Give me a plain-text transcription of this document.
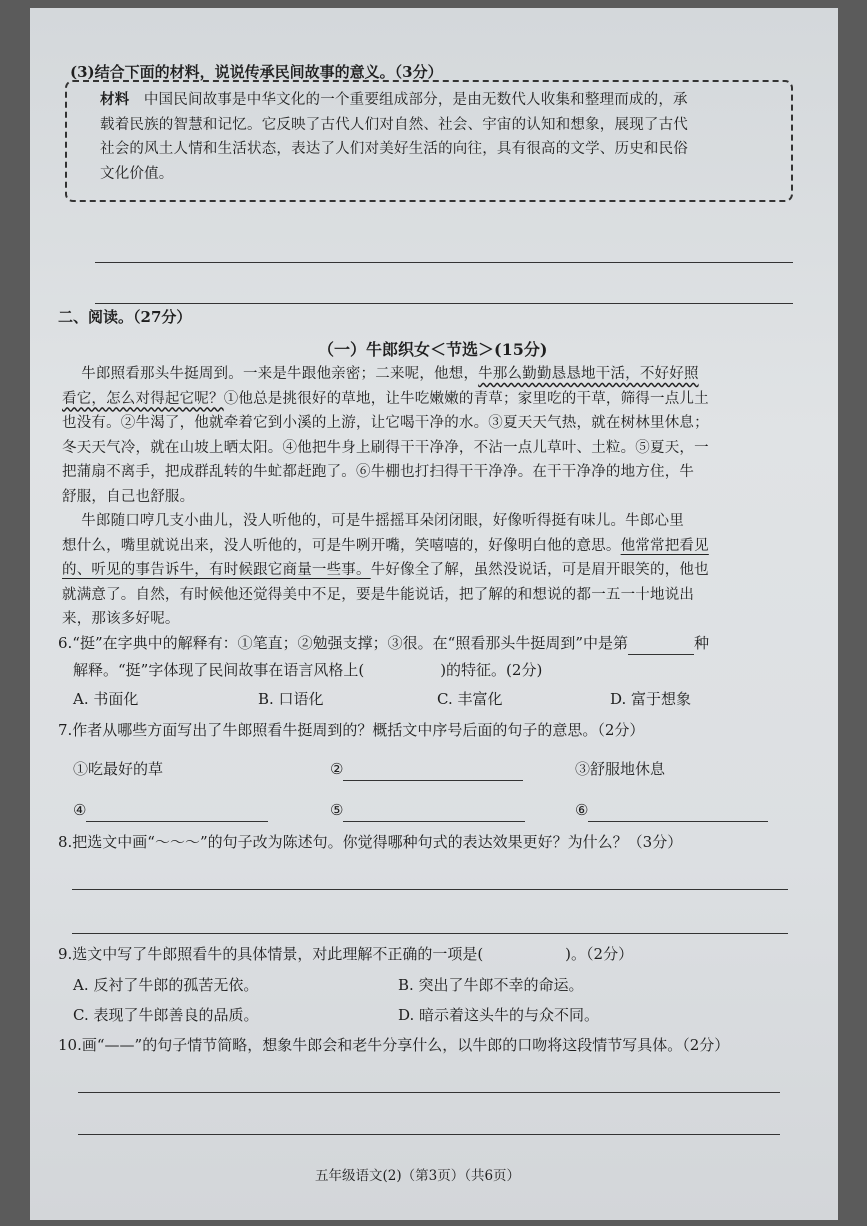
(3)结合下面的材料，说说传承民间故事的意义。（3分）

材料 中国民间故事是中华文化的一个重要组成部分，是由无数代人收集和整理而成的，承

载着民族的智慧和记忆。它反映了古代人们对自然、社会、宇宙的认知和想象，展现了古代

社会的风土人情和生活状态，表达了人们对美好生活的向往，具有很高的文学、历史和民俗

文化价值。

二、阅读。（27分）
（一）牛郎织女＜节选＞(15分)

牛郎照看那头牛挺周到。一来是牛跟他亲密；二来呢，他想，牛那么勤勤恳恳地干活，不好好照

看它，怎么对得起它呢？①他总是挑很好的草地，让牛吃嫩嫩的青草；家里吃的干草，筛得一点儿土

也没有。②牛渴了，他就牵着它到小溪的上游，让它喝干净的水。③夏天天气热，就在树林里休息；

冬天天气冷，就在山坡上晒太阳。④他把牛身上刷得干干净净，不沾一点儿草叶、土粒。⑤夏天，一

把蒲扇不离手，把成群乱转的牛虻都赶跑了。⑥牛棚也打扫得干干净净。在干干净净的地方住，牛

舒服，自己也舒服。

牛郎随口哼几支小曲儿，没人听他的，可是牛摇摇耳朵闭闭眼，好像听得挺有味儿。牛郎心里

想什么，嘴里就说出来，没人听他的，可是牛咧开嘴，笑嘻嘻的，好像明白他的意思。他常常把看见

的、听见的事告诉牛，有时候跟它商量一些事。牛好像全了解，虽然没说话，可是眉开眼笑的，他也

就满意了。自然，有时候他还觉得美中不足，要是牛能说话，把了解的和想说的都一五一十地说出

来，那该多好呢。

6.“挺”在字典中的解释有：①笔直；②勉强支撑；③很。在“照看那头牛挺周到”中是第	种
解释。“挺”字体现了民间故事在语言风格上(	)的特征。(2分)
A. 书面化	B. 口语化	C. 丰富化	D. 富于想象
7.作者从哪些方面写出了牛郎照看牛挺周到的？概括文中序号后面的句子的意思。（2分）
①吃最好的草	②	③舒服地休息
④	⑤	⑥
8.把选文中画“～～～”的句子改为陈述句。你觉得哪种句式的表达效果更好？为什么？（3分）
9.选文中写了牛郎照看牛的具体情景，对此理解不正确的一项是(	)。（2分）
A. 反衬了牛郎的孤苦无依。	B. 突出了牛郎不幸的命运。
C. 表现了牛郎善良的品质。	D. 暗示着这头牛的与众不同。
10.画“——”的句子情节简略，想象牛郎会和老牛分享什么，以牛郎的口吻将这段情节写具体。（2分）
五年级语文(2)（第3页）（共6页）
